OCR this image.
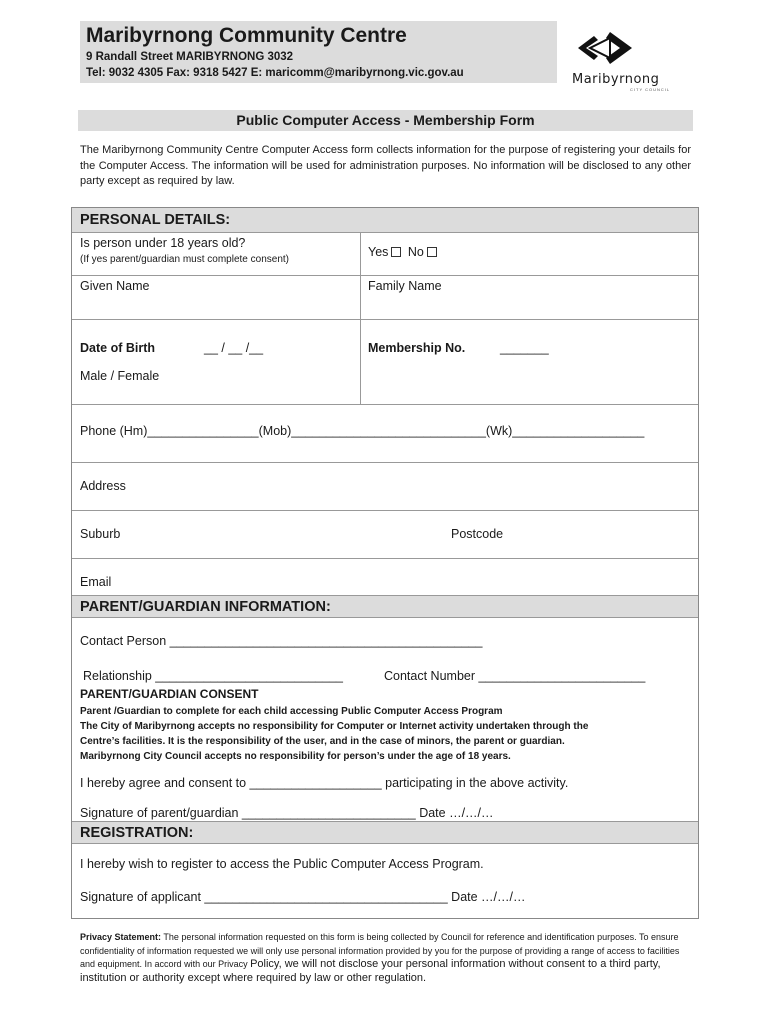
Maribyrnong Community Centre
9 Randall Street MARIBYRNONG 3032
Tel: 9032 4305 Fax: 9318 5427 E: maricomm@maribyrnong.vic.gov.au	Maribyrnong
CITY COUNCIL
Public Computer Access - Membership Form
The Maribyrnong Community Centre Computer Access form collects information for the purpose of registering your details for the Computer Access. The information will be used for administration purposes. No information will be disclosed to any other party except as required by law.
PERSONAL DETAILS:
Is person under 18 years old?
(If yes parent/guardian must complete consent)
Yes No
Given Name	Family Name
Date of Birth	__ / __ /__
Male / Female
Membership No.	_______
Phone (Hm)________________(Mob)____________________________(Wk)___________________
Address
Suburb	Postcode
Email
PARENT/GUARDIAN INFORMATION:
Contact Person _____________________________________________
Relationship ___________________________	Contact Number ________________________
PARENT/GUARDIAN CONSENT
Parent /Guardian to complete for each child accessing Public Computer Access Program
The City of Maribyrnong accepts no responsibility for Computer or Internet activity undertaken through the
Centre’s facilities. It is the responsibility of the user, and in the case of minors, the parent or guardian.
Maribyrnong City Council accepts no responsibility for person’s under the age of 18 years.
I hereby agree and consent to ___________________ participating in the above activity.
Signature of parent/guardian _________________________ Date …/…/…
REGISTRATION:
I hereby wish to register to access the Public Computer Access Program.
Signature of applicant ___________________________________ Date …/…/…
Privacy Statement: The personal information requested on this form is being collected by Council for reference and identification purposes. To ensure confidentiality of information requested we will only use personal information provided by you for the purpose of providing a range of access to facilities and equipment. In accord with our Privacy Policy, we will not disclose your personal information without consent to a third party, institution or authority except where required by law or other regulation.
